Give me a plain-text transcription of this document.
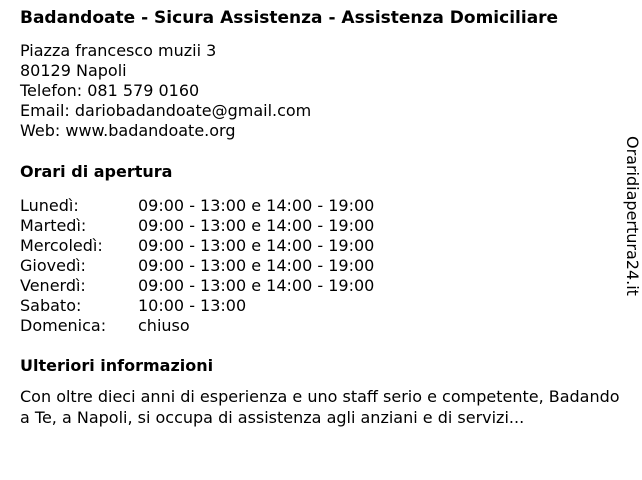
Badandoate - Sicura Assistenza - Assistenza Domiciliare
Piazza francesco muzii 3
80129 Napoli
Telefon: 081 579 0160
Email: dariobadandoate@gmail.com
Web: www.badandoate.org
Orari di apertura
Lunedì:	09:00 - 13:00 e 14:00 - 19:00
Martedì:	09:00 - 13:00 e 14:00 - 19:00
Mercoledì:	09:00 - 13:00 e 14:00 - 19:00
Giovedì:	09:00 - 13:00 e 14:00 - 19:00
Venerdì:	09:00 - 13:00 e 14:00 - 19:00
Sabato:	10:00 - 13:00
Domenica:	chiuso
Ulteriori informazioni
Con oltre dieci anni di esperienza e uno staff serio e competente, Badando a Te, a Napoli, si occupa di assistenza agli anziani e di servizi...
Oraridiapertura24.it
